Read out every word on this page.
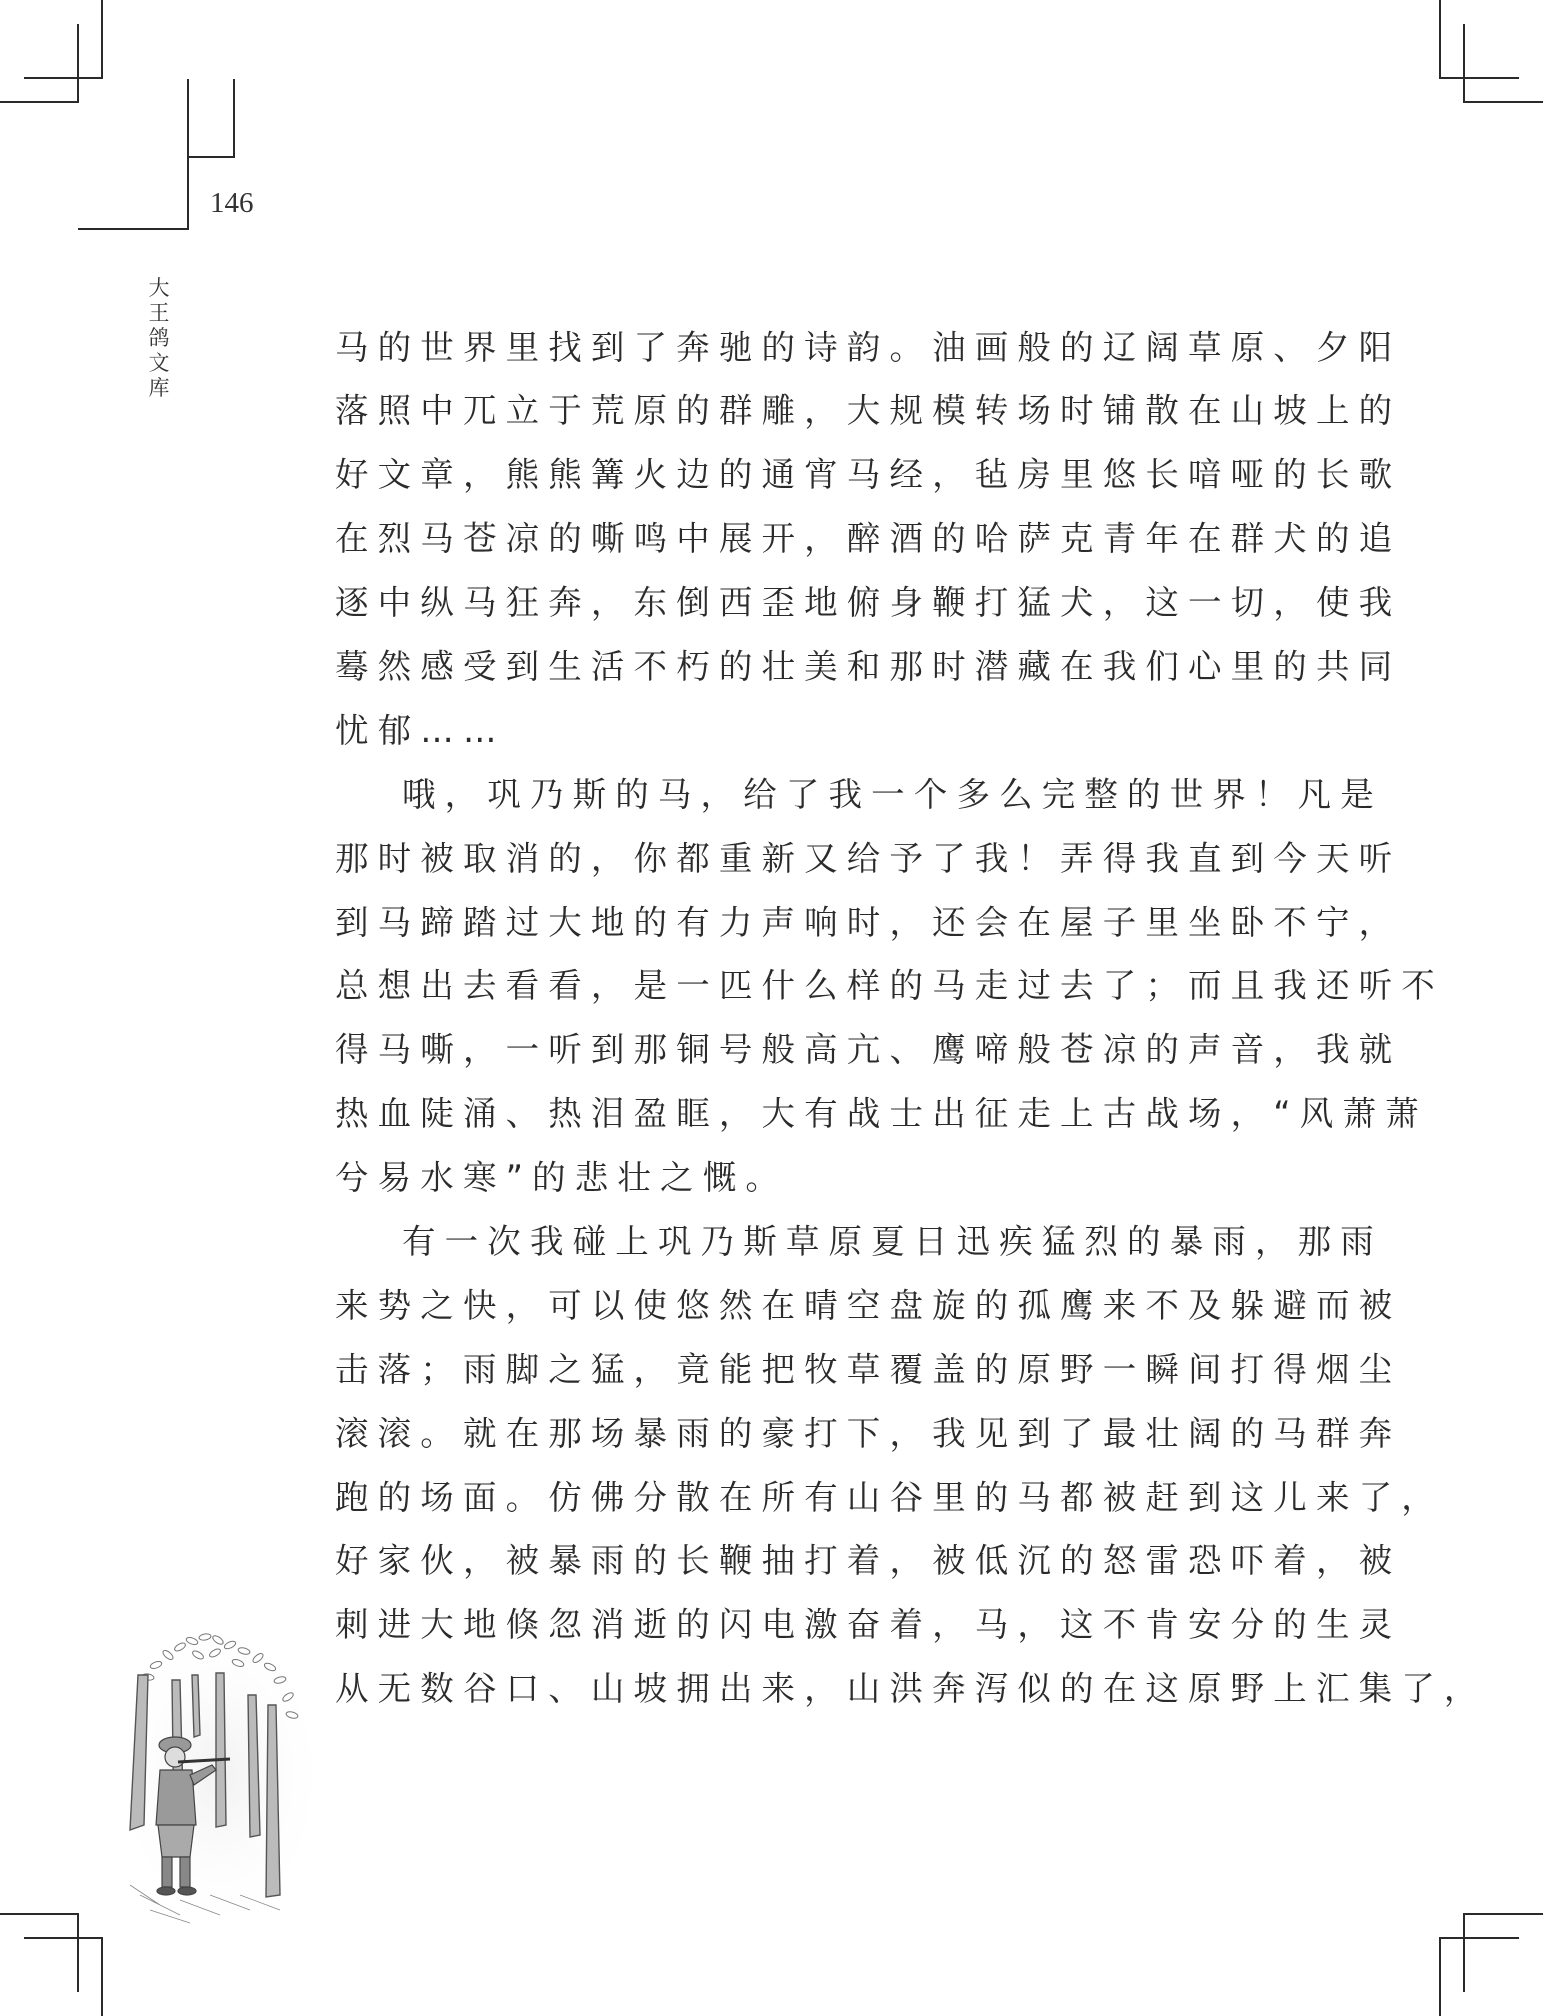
146
大王鸽文库
马的世界里找到了奔驰的诗韵。油画般的辽阔草原、夕阳
落照中兀立于荒原的群雕，大规模转场时铺散在山坡上的
好文章，熊熊篝火边的通宵马经，毡房里悠长喑哑的长歌
在烈马苍凉的嘶鸣中展开，醉酒的哈萨克青年在群犬的追
逐中纵马狂奔，东倒西歪地俯身鞭打猛犬，这一切，使我
蓦然感受到生活不朽的壮美和那时潜藏在我们心里的共同
忧郁……
哦，巩乃斯的马，给了我一个多么完整的世界！凡是
那时被取消的，你都重新又给予了我！弄得我直到今天听
到马蹄踏过大地的有力声响时，还会在屋子里坐卧不宁，
总想出去看看，是一匹什么样的马走过去了；而且我还听不
得马嘶，一听到那铜号般高亢、鹰啼般苍凉的声音，我就
热血陡涌、热泪盈眶，大有战士出征走上古战场，“风萧萧
兮易水寒”的悲壮之慨。
有一次我碰上巩乃斯草原夏日迅疾猛烈的暴雨，那雨
来势之快，可以使悠然在晴空盘旋的孤鹰来不及躲避而被
击落；雨脚之猛，竟能把牧草覆盖的原野一瞬间打得烟尘
滚滚。就在那场暴雨的豪打下，我见到了最壮阔的马群奔
跑的场面。仿佛分散在所有山谷里的马都被赶到这儿来了，
好家伙，被暴雨的长鞭抽打着，被低沉的怒雷恐吓着，被
刺进大地倏忽消逝的闪电激奋着，马，这不肯安分的生灵
从无数谷口、山坡拥出来，山洪奔泻似的在这原野上汇集了，
